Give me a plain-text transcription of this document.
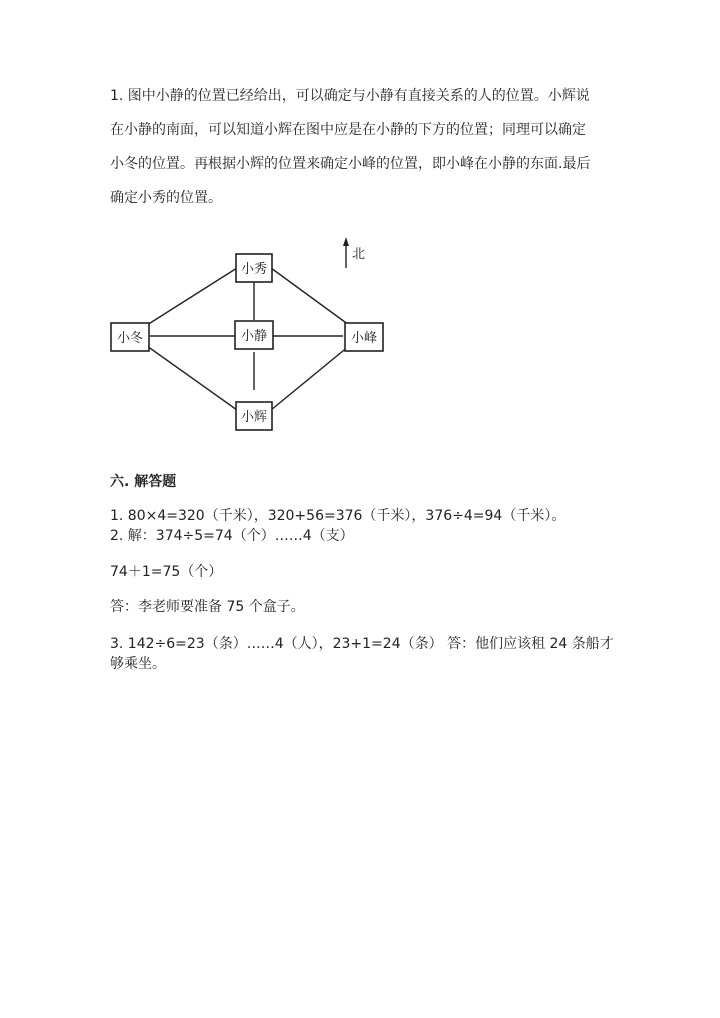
1. 图中小静的位置已经给出，可以确定与小静有直接关系的人的位置。小辉说
在小静的南面，可以知道小辉在图中应是在小静的下方的位置；同理可以确定
小冬的位置。再根据小辉的位置来确定小峰的位置，即小峰在小静的东面.最后
确定小秀的位置。
小秀
小冬	小静	小峰
小辉
北
六. 解答题
1. 80×4=320（千米），320+56=376（千米），376÷4=94（千米）。
2. 解：374÷5=74（个）……4（支）
74＋1=75（个）
答：李老师要准备 75 个盒子。
3. 142÷6=23（条）……4（人），23+1=24（条） 答：他们应该租 24 条船才
够乘坐。
